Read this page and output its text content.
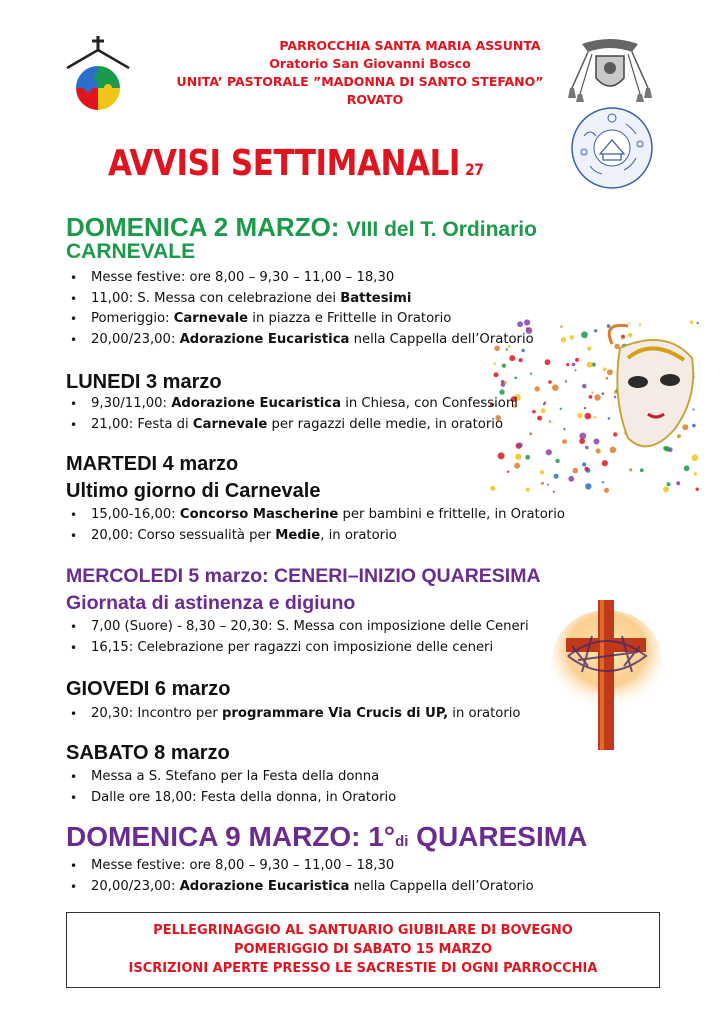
PARROCCHIA SANTA MARIA ASSUNTA
Oratorio San Giovanni Bosco
UNITA’ PASTORALE ”MADONNA DI SANTO STEFANO”
ROVATO
AVVISI SETTIMANALI 27
DOMENICA 2 MARZO: VIII del T. Ordinario
CARNEVALE
• Messe festive: ore 8,00 – 9,30 – 11,00 – 18,30
• 11,00: S. Messa con celebrazione dei Battesimi
• Pomeriggio: Carnevale in piazza e Frittelle in Oratorio
• 20,00/23,00: Adorazione Eucaristica nella Cappella dell’Oratorio
LUNEDI 3 marzo
• 9,30/11,00: Adorazione Eucaristica in Chiesa, con Confessioni
• 21,00: Festa di Carnevale per ragazzi delle medie, in oratorio
MARTEDI 4 marzo
Ultimo giorno di Carnevale
• 15,00-16,00: Concorso Mascherine per bambini e frittelle, in Oratorio
• 20,00: Corso sessualità per Medie, in oratorio
MERCOLEDI 5 marzo: CENERI–INIZIO QUARESIMA
Giornata di astinenza e digiuno
• 7,00 (Suore) - 8,30 – 20,30: S. Messa con imposizione delle Ceneri
• 16,15: Celebrazione per ragazzi con imposizione delle ceneri
GIOVEDI 6 marzo
• 20,30: Incontro per programmare Via Crucis di UP, in oratorio
SABATO 8 marzo
• Messa a S. Stefano per la Festa della donna
• Dalle ore 18,00: Festa della donna, in Oratorio
DOMENICA 9 MARZO: 1°di QUARESIMA
• Messe festive: ore 8,00 – 9,30 – 11,00 – 18,30
• 20,00/23,00: Adorazione Eucaristica nella Cappella dell’Oratorio
PELLEGRINAGGIO AL SANTUARIO GIUBILARE DI BOVEGNO
POMERIGGIO DI SABATO 15 MARZO
ISCRIZIONI APERTE PRESSO LE SACRESTIE DI OGNI PARROCCHIA
